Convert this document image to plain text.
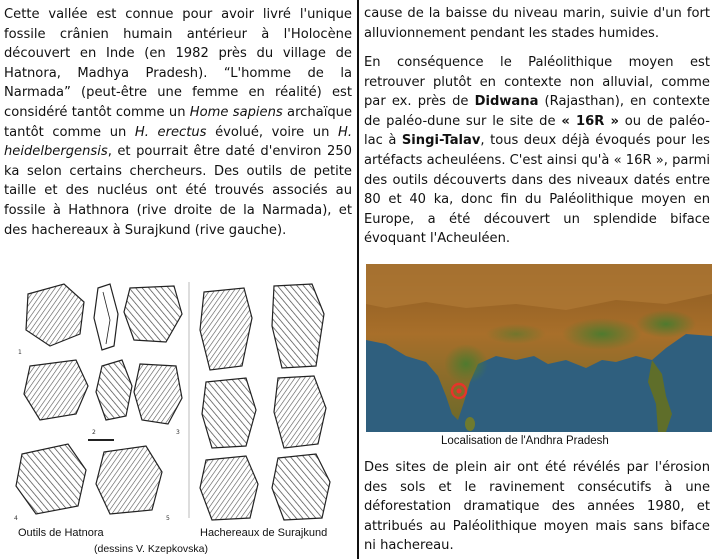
Cette vallée est connue pour avoir livré l'unique fossile crânien humain antérieur à l'Holocène découvert en Inde (en 1982 près du village de Hatnora, Madhya Pradesh). “L'homme de la Narmada” (peut-être une femme en réalité) est considéré tantôt comme un Home sapiens archaïque tantôt comme un H. erectus évolué, voire un H. heidelbergensis, et pourrait être daté d'environ 250 ka selon certains chercheurs. Des outils de petite taille et des nucléus ont été trouvés associés au fossile à Hathnora (rive droite de la Narmada), et des hachereaux à Surajkund (rive gauche).

1
2	3
4	5
Outils de Hatnora	Hachereaux de Surajkund
(dessins V. Kzepkovska)

cause de la baisse du niveau marin, suivie d'un fort alluvionnement pendant les stades humides.

En conséquence le Paléolithique moyen est retrouver plutôt en contexte non alluvial, comme par ex. près de Didwana (Rajasthan), en contexte de paléo-dune sur le site de « 16R » ou de paléo-lac à Singi-Talav, tous deux déjà évoqués pour les artéfacts acheuléens. C'est ainsi qu'à « 16R », parmi des outils découverts dans des niveaux datés entre 80 et 40 ka, donc fin du Paléolithique moyen en Europe, a été découvert un splendide biface évoquant l'Acheuléen.

Localisation de l'Andhra Pradesh

Des sites de plein air ont été révélés par l'érosion des sols et le ravinement consécutifs à une déforestation dramatique des années 1980, et attribués au Paléolithique moyen mais sans biface ni hachereau.
